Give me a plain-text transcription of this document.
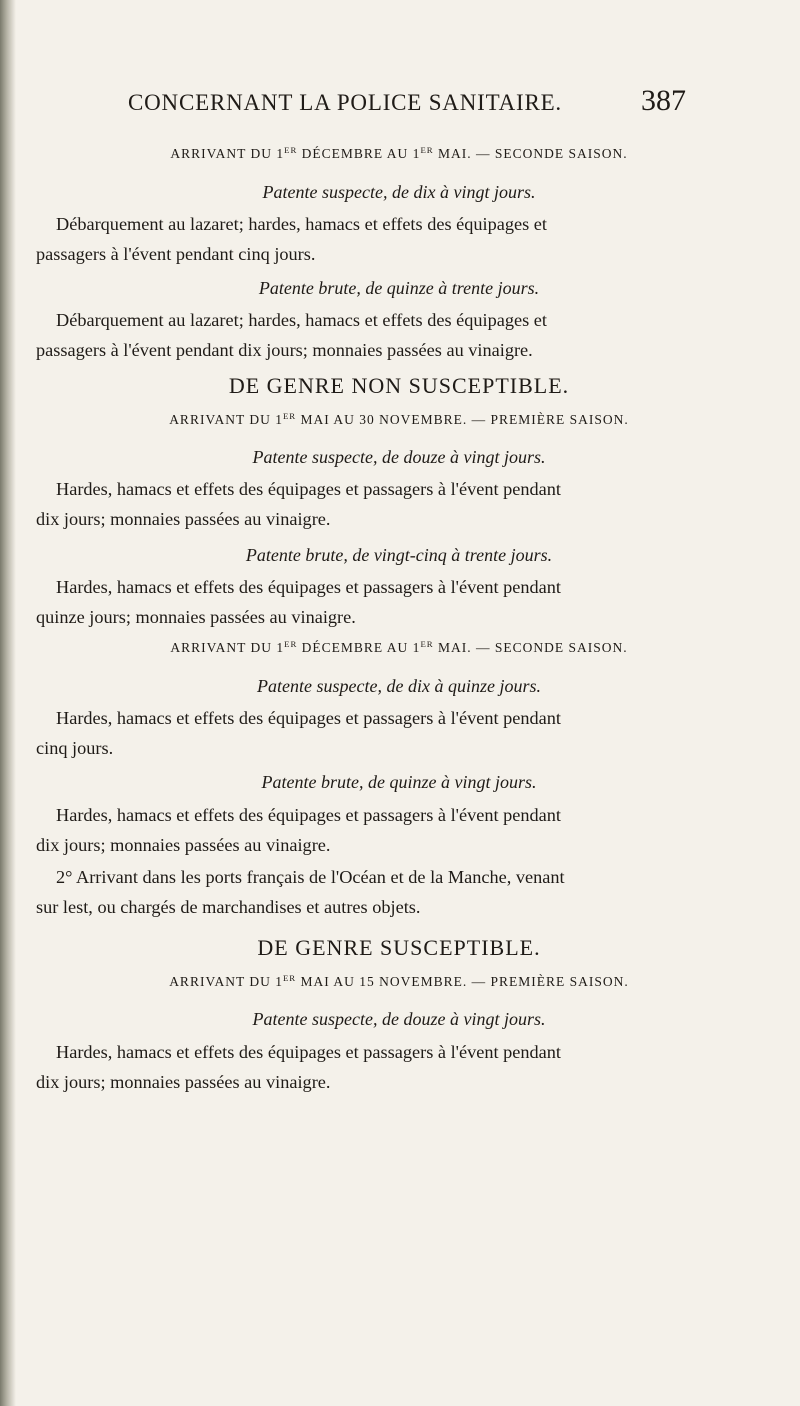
CONCERNANT LA POLICE SANITAIRE.	387
ARRIVANT DU 1ER DÉCEMBRE AU 1ER MAI. — SECONDE SAISON.
Patente suspecte, de dix à vingt jours.
Débarquement au lazaret; hardes, hamacs et effets des équipages et
passagers à l'évent pendant cinq jours.
Patente brute, de quinze à trente jours.
Débarquement au lazaret; hardes, hamacs et effets des équipages et
passagers à l'évent pendant dix jours; monnaies passées au vinaigre.
DE GENRE NON SUSCEPTIBLE.
ARRIVANT DU 1ER MAI AU 30 NOVEMBRE. — PREMIÈRE SAISON.
Patente suspecte, de douze à vingt jours.
Hardes, hamacs et effets des équipages et passagers à l'évent pendant
dix jours; monnaies passées au vinaigre.
Patente brute, de vingt-cinq à trente jours.
Hardes, hamacs et effets des équipages et passagers à l'évent pendant
quinze jours; monnaies passées au vinaigre.
ARRIVANT DU 1ER DÉCEMBRE AU 1ER MAI. — SECONDE SAISON.
Patente suspecte, de dix à quinze jours.
Hardes, hamacs et effets des équipages et passagers à l'évent pendant
cinq jours.
Patente brute, de quinze à vingt jours.
Hardes, hamacs et effets des équipages et passagers à l'évent pendant
dix jours; monnaies passées au vinaigre.
2° Arrivant dans les ports français de l'Océan et de la Manche, venant
sur lest, ou chargés de marchandises et autres objets.
DE GENRE SUSCEPTIBLE.
ARRIVANT DU 1ER MAI AU 15 NOVEMBRE. — PREMIÈRE SAISON.
Patente suspecte, de douze à vingt jours.
Hardes, hamacs et effets des équipages et passagers à l'évent pendant
dix jours; monnaies passées au vinaigre.
